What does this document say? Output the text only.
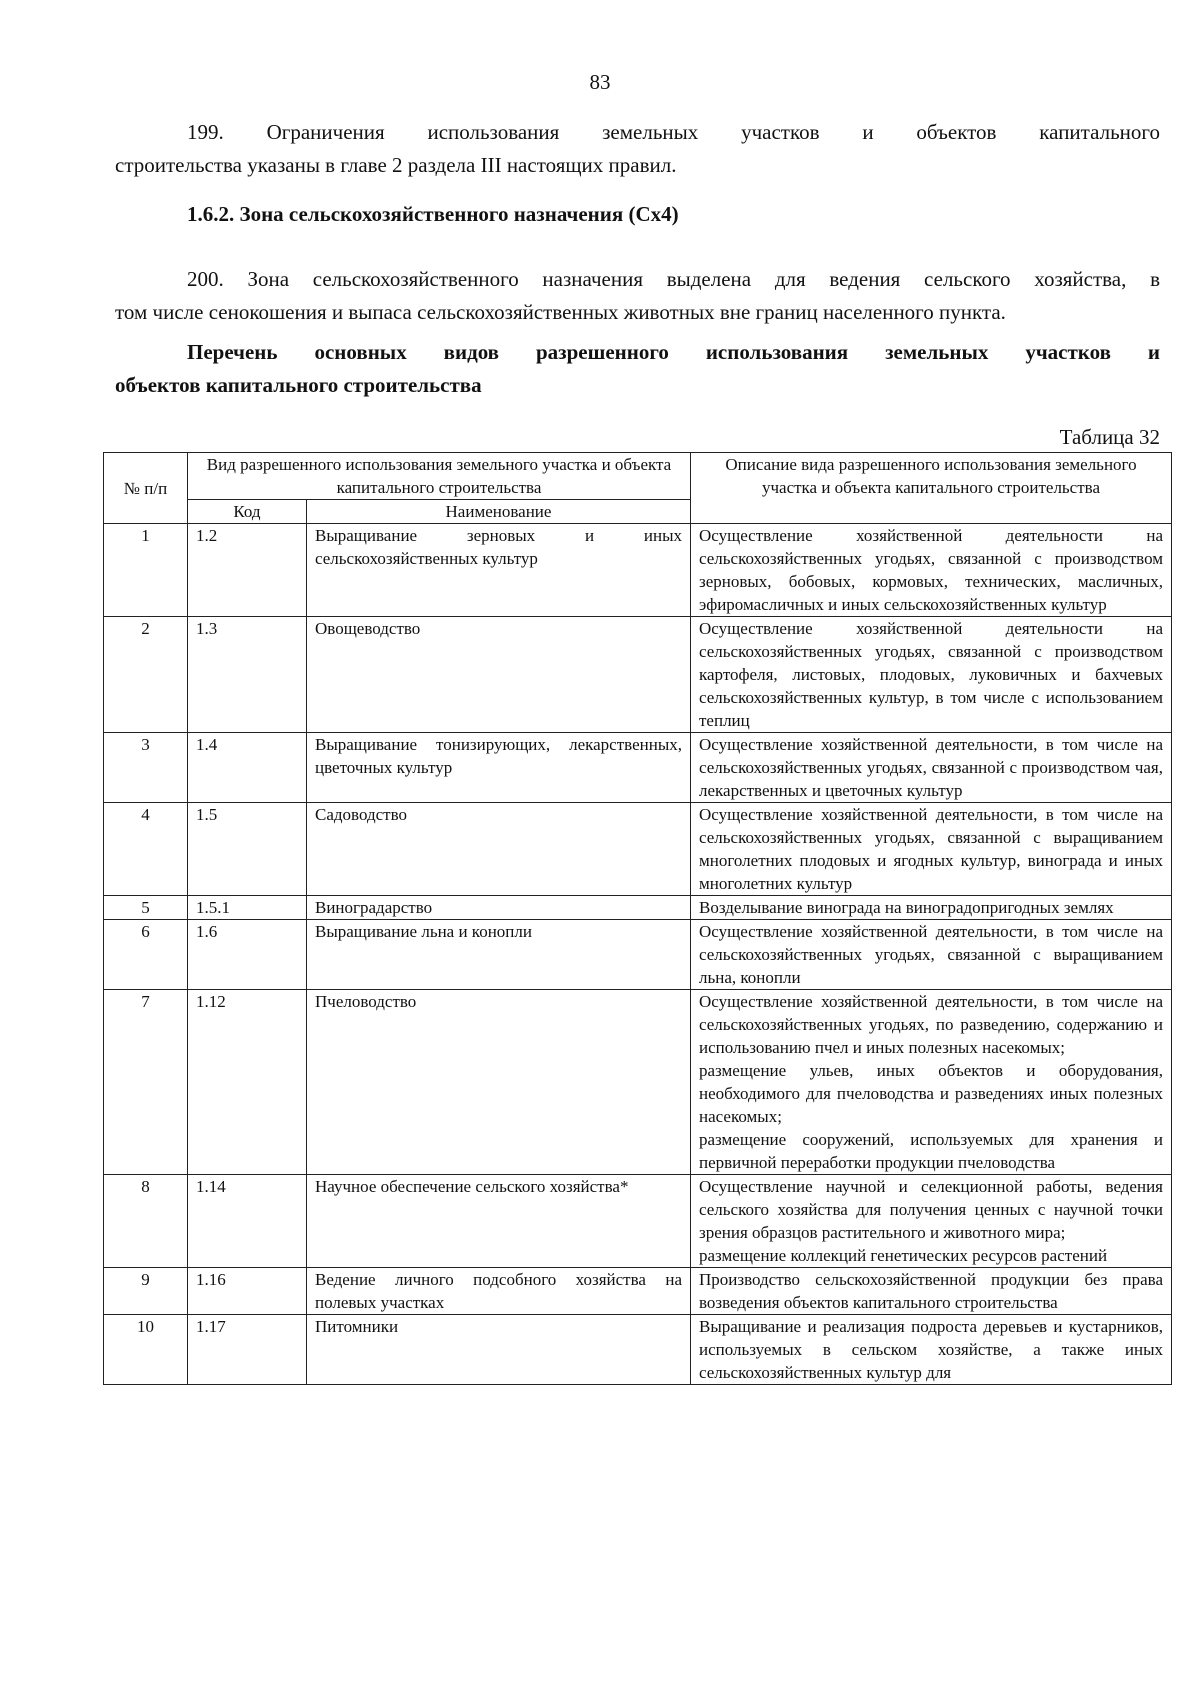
83
199. Ограничения использования земельных участков и объектов капитального
строительства указаны в главе 2 раздела III настоящих правил.
1.6.2. Зона сельскохозяйственного назначения (Сх4)
200. Зона сельскохозяйственного назначения выделена для ведения сельского хозяйства, в
том числе сенокошения и выпаса сельскохозяйственных животных вне границ населенного пункта.
Перечень основных видов разрешенного использования земельных участков и
объектов капитального строительства
Таблица 32
№ п/п	Вид разрешенного использования земельного участка и объекта капитального строительства		Описание вида разрешенного использования земельного участка и объекта капитального строительства
	Код	Наименование	
1	1.2	Выращивание зерновых и иных сельскохозяйственных культур	Осуществление хозяйственной деятельности на сельскохозяйственных угодьях, связанной с производством зерновых, бобовых, кормовых, технических, масличных, эфиромасличных и иных сельскохозяйственных культур

2	1.3	Овощеводство	Осуществление хозяйственной деятельности на сельскохозяйственных угодьях, связанной с производством картофеля, листовых, плодовых, луковичных и бахчевых сельскохозяйственных культур, в том числе с использованием теплиц

3	1.4	Выращивание тонизирующих, лекарственных, цветочных культур	Осуществление хозяйственной деятельности, в том числе на сельскохозяйственных угодьях, связанной с производством чая, лекарственных и цветочных культур

4	1.5	Садоводство	Осуществление хозяйственной деятельности, в том числе на сельскохозяйственных угодьях, связанной с выращиванием многолетних плодовых и ягодных культур, винограда и иных многолетних культур

5	1.5.1	Виноградарство	Возделывание винограда на виноградопригодных землях

6	1.6	Выращивание льна и конопли	Осуществление хозяйственной деятельности, в том числе на сельскохозяйственных угодьях, связанной с выращиванием льна, конопли

7	1.12	Пчеловодство	Осуществление хозяйственной деятельности, в том числе на сельскохозяйственных угодьях, по разведению, содержанию и использованию пчел и иных полезных насекомых;
размещение ульев, иных объектов и оборудования, необходимого для пчеловодства и разведениях иных полезных насекомых;
размещение сооружений, используемых для хранения и первичной переработки продукции пчеловодства

8	1.14	Научное обеспечение сельского хозяйства*	Осуществление научной и селекционной работы, ведения сельского хозяйства для получения ценных с научной точки зрения образцов растительного и животного мира;
размещение коллекций генетических ресурсов растений

9	1.16	Ведение личного подсобного хозяйства на полевых участках	Производство сельскохозяйственной продукции без права возведения объектов капитального строительства

10	1.17	Питомники	Выращивание и реализация подроста деревьев и кустарников, используемых в сельском хозяйстве, а также иных сельскохозяйственных культур для
